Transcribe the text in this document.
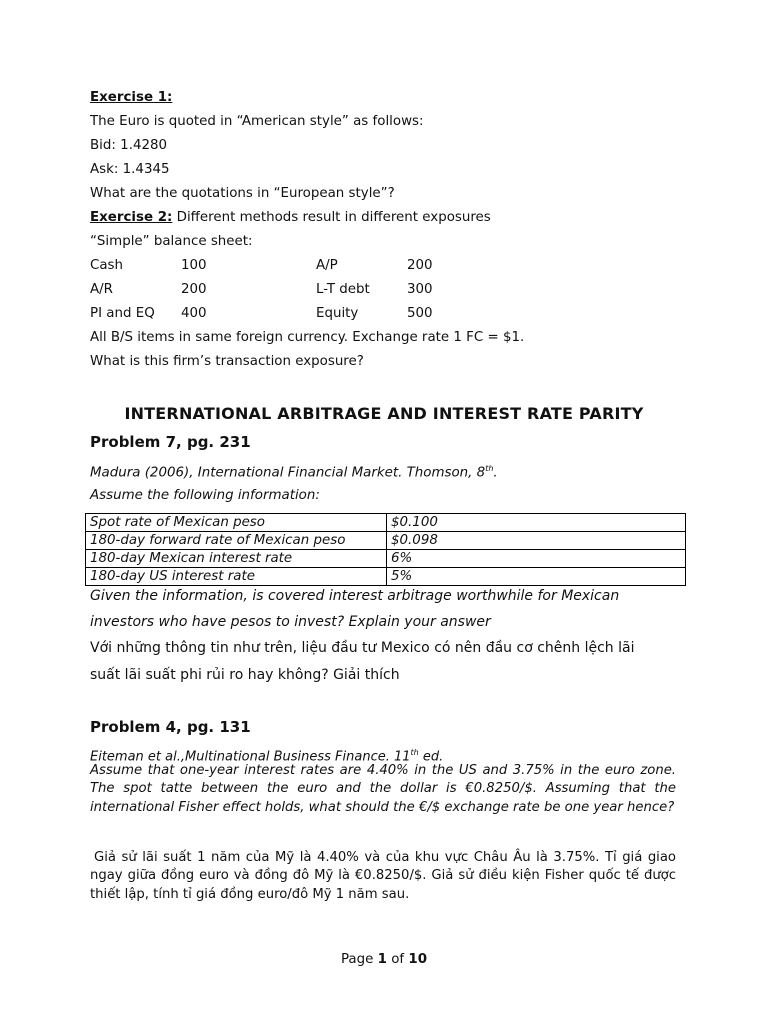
Exercise 1:
The Euro is quoted in “American style” as follows:
Bid: 1.4280
Ask: 1.4345
What are the quotations in “European style”?
Exercise 2: Different methods result in different exposures
“Simple” balance sheet:
Cash	100	A/P	200
A/R	200	L-T debt	300
PI and EQ 400	Equity	500
All B/S items in same foreign currency. Exchange rate 1 FC = $1.
What is this firm’s transaction exposure?
INTERNATIONAL ARBITRAGE AND INTEREST RATE PARITY
Problem 7, pg. 231
Madura (2006), International Financial Market. Thomson, 8th.
Assume the following information:
Spot rate of Mexican peso	$0.100
180-day forward rate of Mexican peso	$0.098
180-day Mexican interest rate	6%
180-day US interest rate	5%
Given the information, is covered interest arbitrage worthwhile for Mexican
investors who have pesos to invest? Explain your answer
Với những thông tin như trên, liệu đầu tư Mexico có nên đầu cơ chênh lệch lãi
suất lãi suất phi rủi ro hay không? Giải thích
Problem 4, pg. 131
Eiteman et al.,Multinational Business Finance. 11th ed.
Assume that one-year interest rates are 4.40% in the US and 3.75% in the euro zone. The spot tatte between the euro and the dollar is €0.8250/$. Assuming that the international Fisher effect holds, what should the €/$ exchange rate be one year hence?
Giả sử lãi suất 1 năm của Mỹ là 4.40% và của khu vực Châu Âu là 3.75%. Tỉ giá giao ngay giữa đồng euro và đồng đô Mỹ là €0.8250/$. Giả sử điều kiện Fisher quốc tế được thiết lập, tính tỉ giá đồng euro/đô Mỹ 1 năm sau.
Page 1 of 10
